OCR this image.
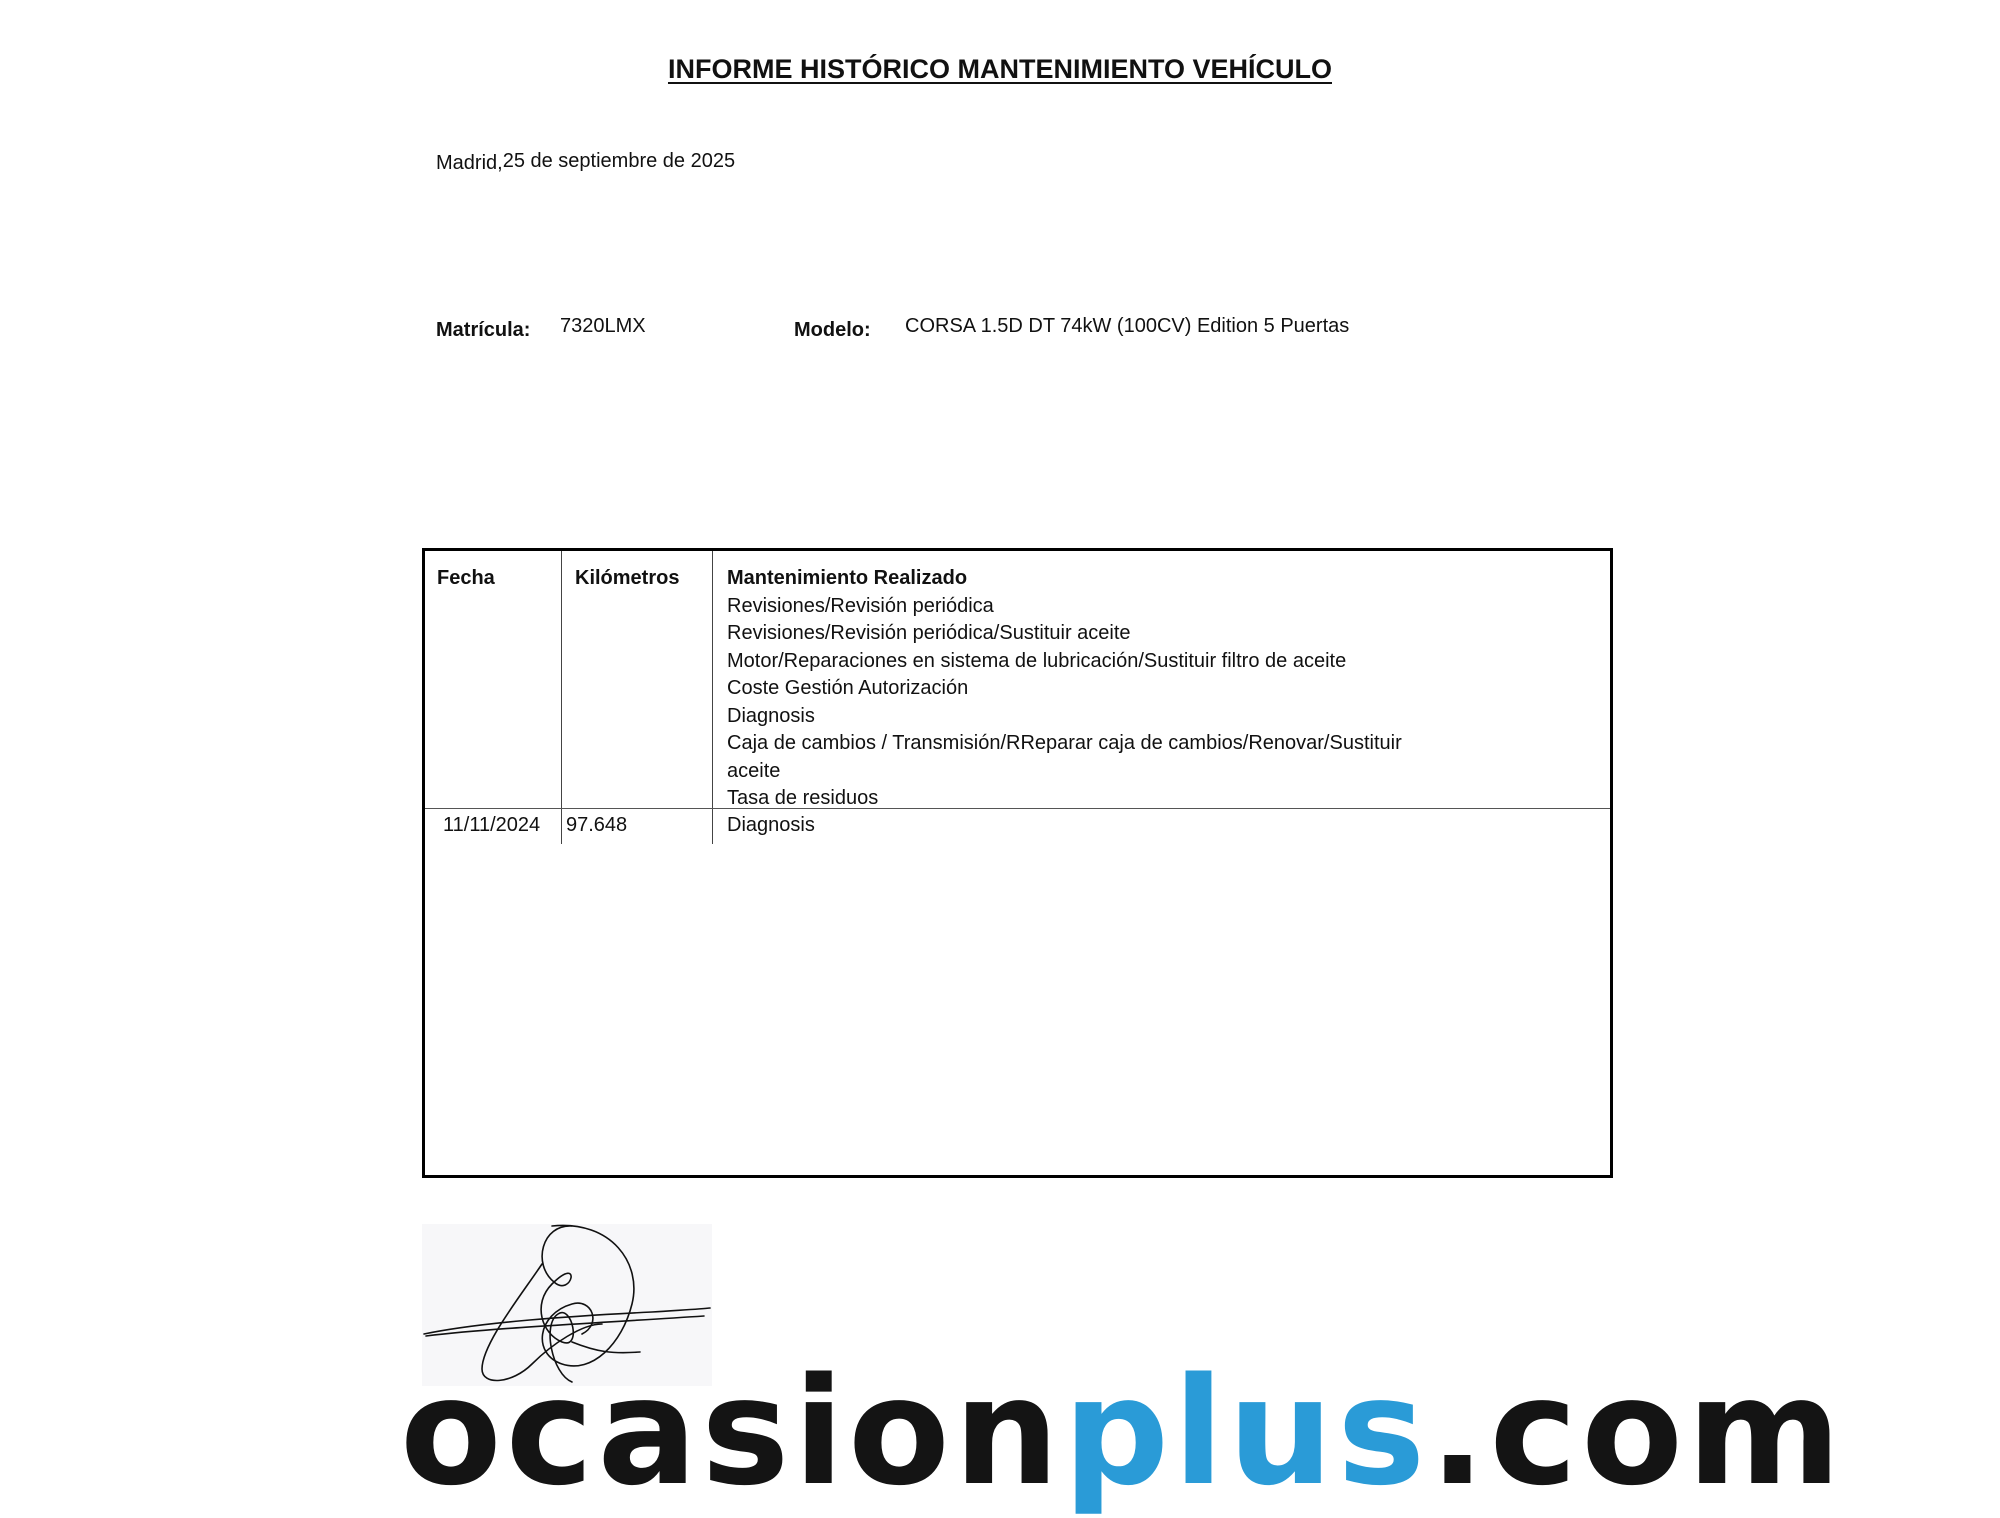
INFORME HISTÓRICO MANTENIMIENTO VEHÍCULO
Madrid,25 de septiembre de 2025
Matrícula: 7320LMX	Modelo: CORSA 1.5D DT 74kW (100CV) Edition 5 Puertas
Fecha	Kilómetros Mantenimiento Realizado
Revisiones/Revisión periódica
Revisiones/Revisión periódica/Sustituir aceite
Motor/Reparaciones en sistema de lubricación/Sustituir filtro de aceite
Coste Gestión Autorización
Diagnosis
Caja de cambios / Transmisión/RReparar caja de cambios/Renovar/Sustituir
aceite
Tasa de residuos
11/11/2024 97.648	Diagnosis
ocasionplus.com
